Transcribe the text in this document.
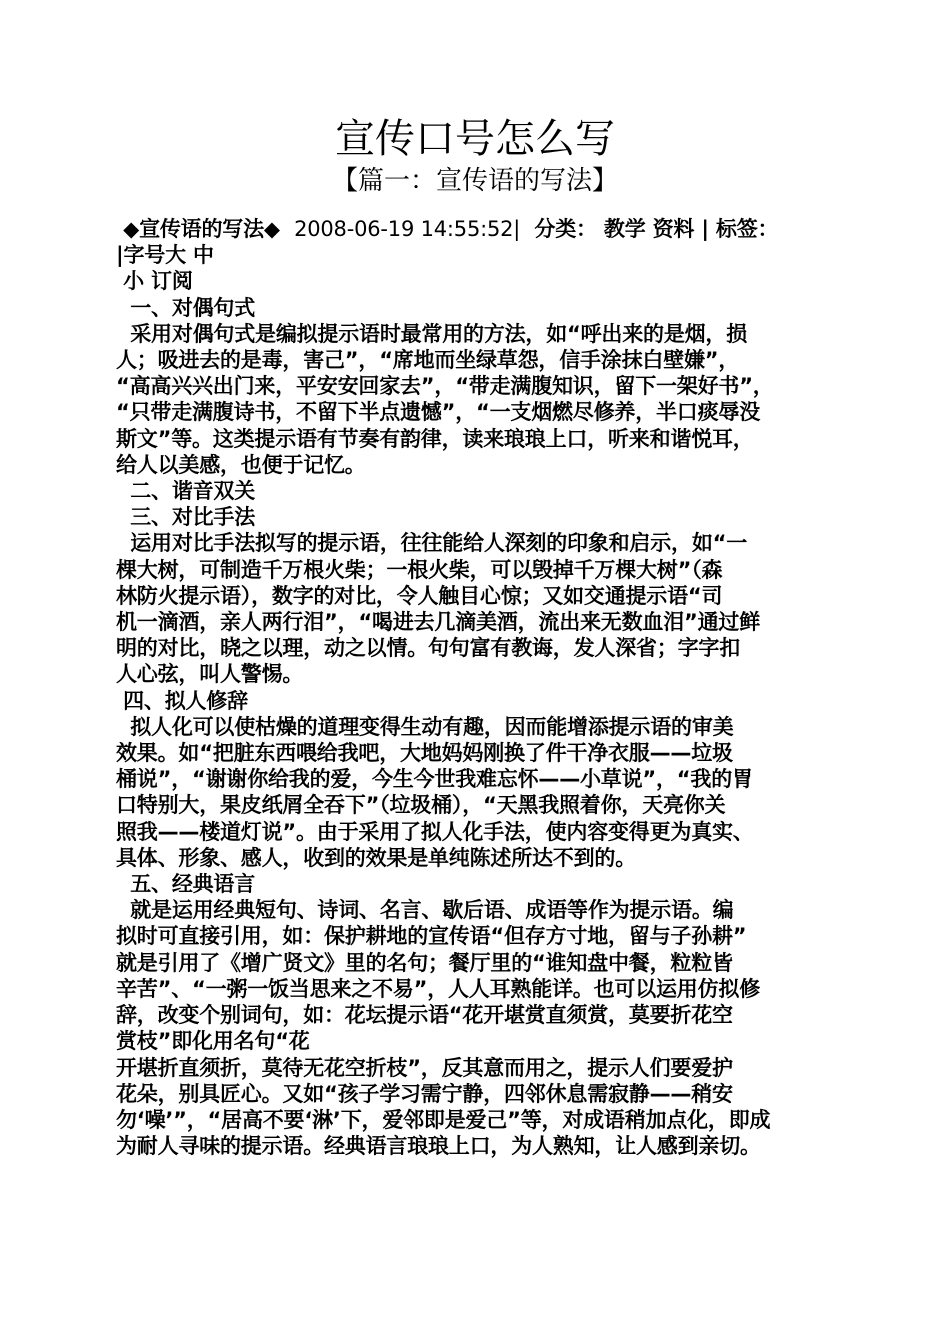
宣传口号怎么写
【篇一：宣传语的写法】
◆宣传语的写法◆ 2008-06-19 14:55:52| 分类： 教学 资料 | 标签：
|字号大 中
小 订阅
一、对偶句式
采用对偶句式是编拟提示语时最常用的方法，如“呼出来的是烟，损
人；吸进去的是毒，害己”，“席地而坐绿草怨，信手涂抹白壁嫌”，
“高高兴兴出门来，平安安回家去”，“带走满腹知识，留下一架好书”，
“只带走满腹诗书，不留下半点遗憾”，“一支烟燃尽修养，半口痰辱没
斯文”等。这类提示语有节奏有韵律，读来琅琅上口，听来和谐悦耳，
给人以美感，也便于记忆。
二、谐音双关
三、对比手法
运用对比手法拟写的提示语，往往能给人深刻的印象和启示，如“一
棵大树，可制造千万根火柴；一根火柴，可以毁掉千万棵大树”（森
林防火提示语），数字的对比，令人触目心惊；又如交通提示语“司
机一滴酒，亲人两行泪”，“喝进去几滴美酒，流出来无数血泪”通过鲜
明的对比，晓之以理，动之以情。句句富有教诲，发人深省；字字扣
人心弦，叫人警惕。
四、拟人修辞
拟人化可以使枯燥的道理变得生动有趣，因而能增添提示语的审美
效果。如“把脏东西喂给我吧，大地妈妈刚换了件干净衣服——垃圾
桶说”，“谢谢你给我的爱，今生今世我难忘怀——小草说”，“我的胃
口特别大，果皮纸屑全吞下”（垃圾桶），“天黑我照着你，天亮你关
照我——楼道灯说”。由于采用了拟人化手法，使内容变得更为真实、
具体、形象、感人，收到的效果是单纯陈述所达不到的。
五、经典语言
就是运用经典短句、诗词、名言、歇后语、成语等作为提示语。编
拟时可直接引用，如：保护耕地的宣传语“但存方寸地，留与子孙耕”
就是引用了《增广贤文》里的名句；餐厅里的“谁知盘中餐，粒粒皆
辛苦”、“一粥一饭当思来之不易”，人人耳熟能详。也可以运用仿拟修
辞，改变个别词句，如：花坛提示语“花开堪赏直须赏，莫要折花空
赏枝”即化用名句“花
开堪折直须折，莫待无花空折枝”，反其意而用之，提示人们要爱护
花朵，别具匠心。又如“孩子学习需宁静，四邻休息需寂静——稍安
勿‘噪’”，“居高不要‘淋’下，爱邻即是爱己”等，对成语稍加点化，即成
为耐人寻味的提示语。经典语言琅琅上口，为人熟知，让人感到亲切。
